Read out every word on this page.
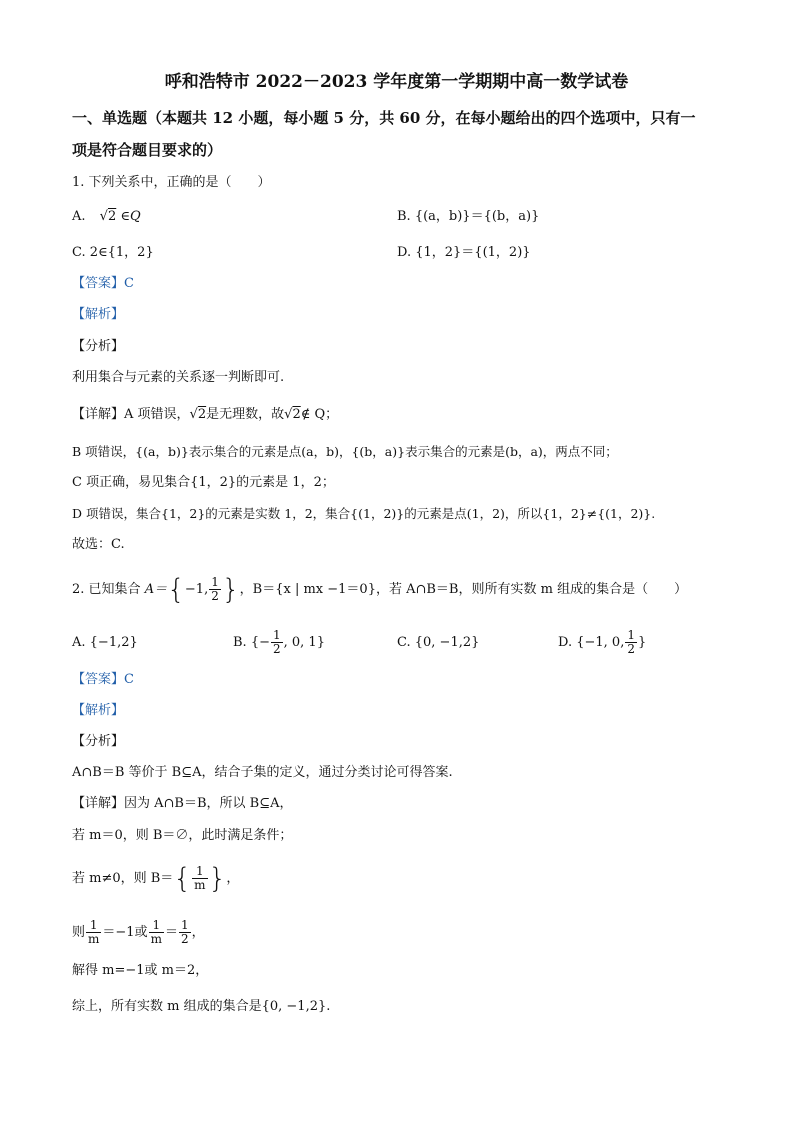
呼和浩特市 2022－2023 学年度第一学期期中高一数学试卷
一、单选题（本题共 12 小题，每小题 5 分，共 60 分，在每小题给出的四个选项中，只有一
项是符合题目要求的）
1. 下列关系中，正确的是（　　）
A. √2 ∈Q	B. {(a，b)}＝{(b，a)}
C. 2∈{1，2}	D. {1，2}＝{(1，2)}
【答案】C
【解析】
【分析】
利用集合与元素的关系逐一判断即可.
【详解】A 项错误，√2是无理数，故√2∉ Q；
B 项错误，{(a，b)}表示集合的元素是点(a，b)，{(b，a)}表示集合的元素是(b，a)，两点不同；
C 项正确，易见集合{1，2}的元素是 1，2；
D 项错误，集合{1，2}的元素是实数 1，2，集合{(1，2)}的元素是点(1，2)，所以{1，2}≠{(1，2)}.
故选：C.
2. 已知集合 A＝{−1, $\frac{1}{2}$ }，B＝{x | mx −1＝0}，若 A∩B＝B，则所有实数 m 组成的集合是（　　）
A. {−1,2}	B. {− $\frac{1}{2}$ , 0, 1}	C. {0, −1,2}	D. {−1, 0, $\frac{1}{2}$ }
【答案】C
【解析】
【分析】
A∩B＝B 等价于 B⊆A，结合子集的定义，通过分类讨论可得答案.
【详解】因为 A∩B＝B，所以 B⊆A，
若 m＝0，则 B＝∅，此时满足条件；
若 m≠0，则 $B=\{ \frac{1}{m}$ }，
则 $\frac{1}{m} =-1$或 $\frac{1}{m} = \frac{1}{2}$ ，
解得 m=−1或 m＝2，
综上，所有实数 m 组成的集合是{0, −1,2}.
